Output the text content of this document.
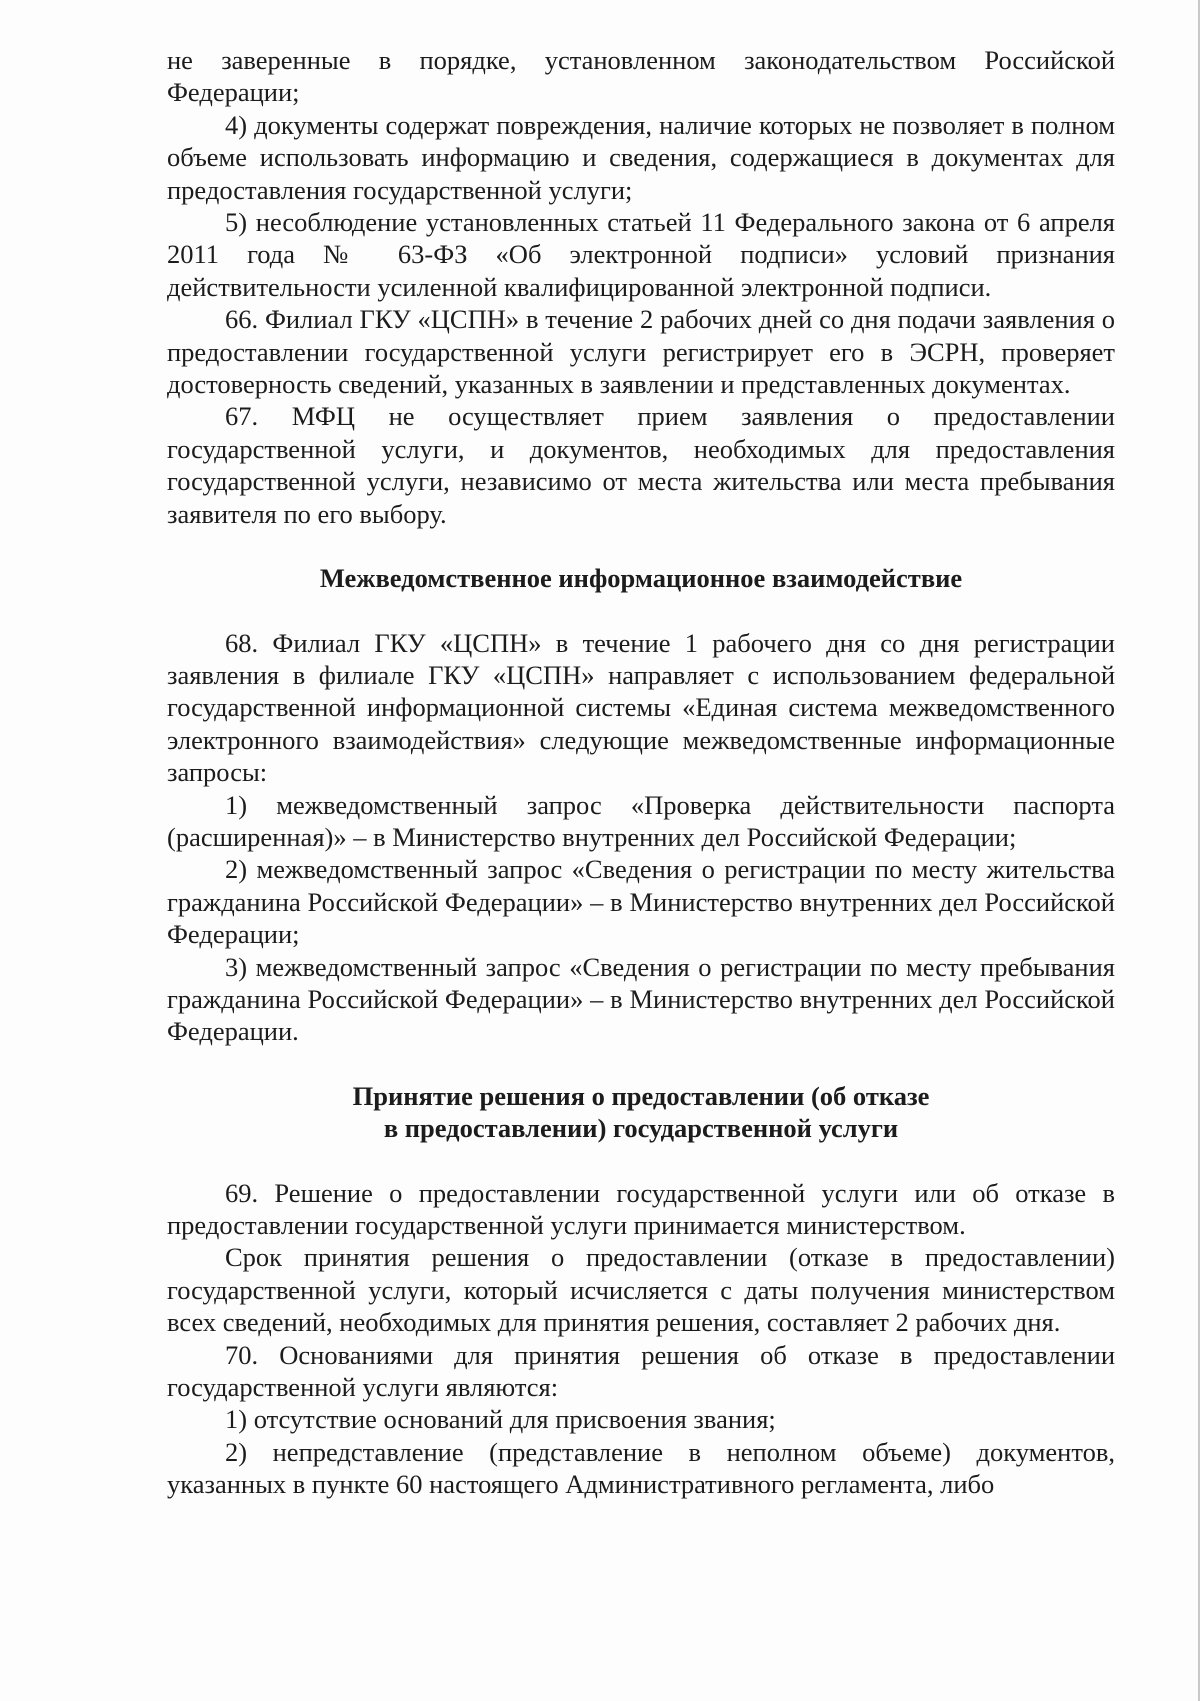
не заверенные в порядке, установленном законодательством Российской Федерации;

4) документы содержат повреждения, наличие которых не позволяет в полном объеме использовать информацию и сведения, содержащиеся в документах для предоставления государственной услуги;

5) несоблюдение установленных статьей 11 Федерального закона от 6 апреля 2011 года № 63-ФЗ «Об электронной подписи» условий признания действительности усиленной квалифицированной электронной подписи.

66. Филиал ГКУ «ЦСПН» в течение 2 рабочих дней со дня подачи заявления о предоставлении государственной услуги регистрирует его в ЭСРН, проверяет достоверность сведений, указанных в заявлении и представленных документах.

67. МФЦ не осуществляет прием заявления о предоставлении государственной услуги, и документов, необходимых для предоставления государственной услуги, независимо от места жительства или места пребывания заявителя по его выбору.

Межведомственное информационное взаимодействие

68. Филиал ГКУ «ЦСПН» в течение 1 рабочего дня со дня регистрации заявления в филиале ГКУ «ЦСПН» направляет с использованием федеральной государственной информационной системы «Единая система межведомственного электронного взаимодействия» следующие межведомственные информационные запросы:

1) межведомственный запрос «Проверка действительности паспорта (расширенная)» – в Министерство внутренних дел Российской Федерации;

2) межведомственный запрос «Сведения о регистрации по месту жительства гражданина Российской Федерации» – в Министерство внутренних дел Российской Федерации;

3) межведомственный запрос «Сведения о регистрации по месту пребывания гражданина Российской Федерации» – в Министерство внутренних дел Российской Федерации.

Принятие решения о предоставлении (об отказе

в предоставлении) государственной услуги

69. Решение о предоставлении государственной услуги или об отказе в предоставлении государственной услуги принимается министерством.

Срок принятия решения о предоставлении (отказе в предоставлении) государственной услуги, который исчисляется с даты получения министерством всех сведений, необходимых для принятия решения, составляет 2 рабочих дня.

70. Основаниями для принятия решения об отказе в предоставлении государственной услуги являются:

1) отсутствие оснований для присвоения звания;

2) непредставление (представление в неполном объеме) документов, указанных в пункте 60 настоящего Административного регламента, либо
